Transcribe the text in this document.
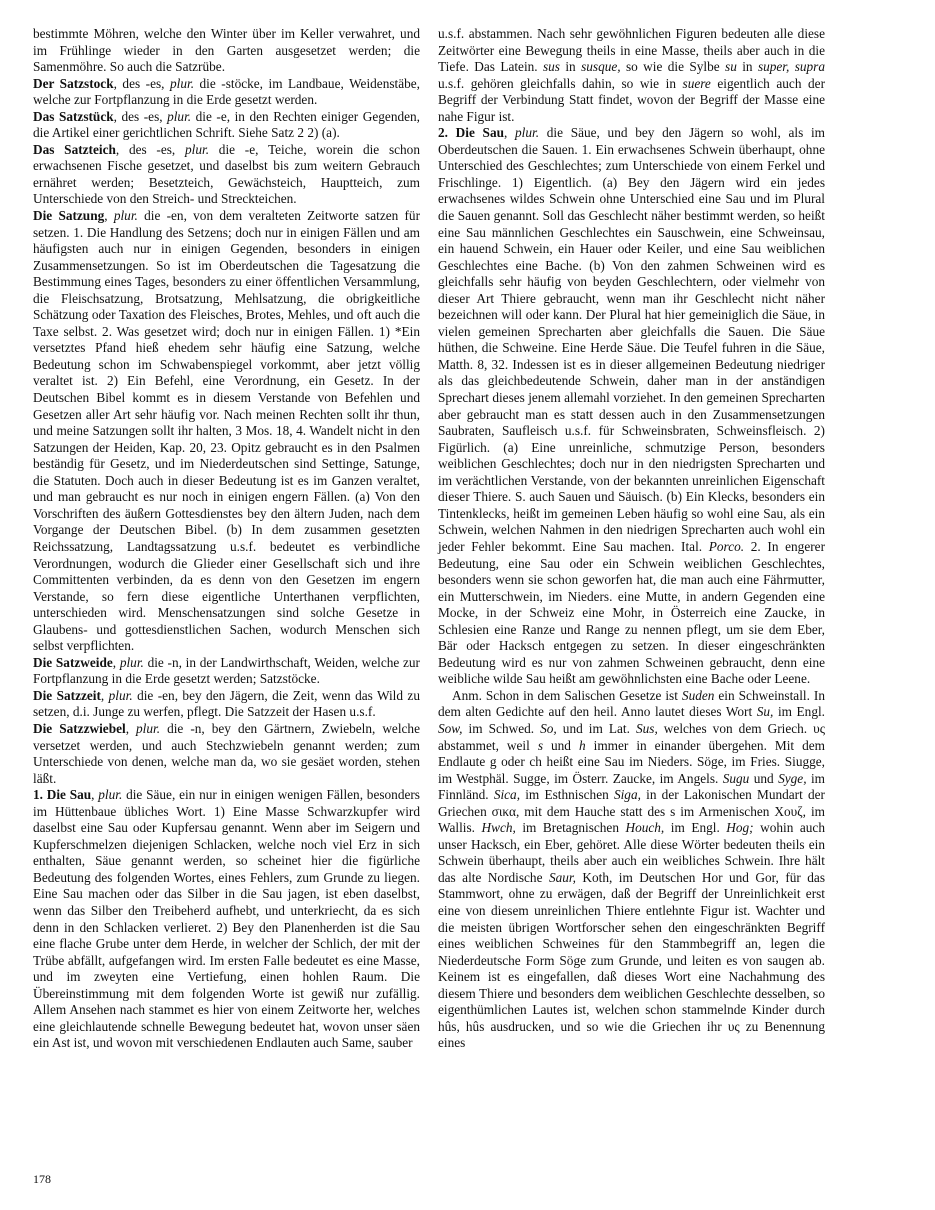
bestimmte Möhren, welche den Winter über im Keller verwahret, und im Frühlinge wieder in den Garten ausgesetzet werden; die Samenmöhre. So auch die Satzrübe.

Der Satzstock, des -es, plur. die -stöcke, im Landbaue, Weidenstäbe, welche zur Fortpflanzung in die Erde gesetzt werden.

Das Satzstück, des -es, plur. die -e, in den Rechten einiger Gegenden, die Artikel einer gerichtlichen Schrift. Siehe Satz 2 2) (a).

Das Satzteich, des -es, plur. die -e, Teiche, worein die schon erwachsenen Fische gesetzet, und daselbst bis zum weitern Gebrauch ernähret werden; Besetzteich, Gewächsteich, Hauptteich, zum Unterschiede von den Streich- und Streckteichen.

Die Satzung, plur. die -en, von dem veralteten Zeitworte satzen für setzen. 1. Die Handlung des Setzens; doch nur in einigen Fällen und am häufigsten auch nur in einigen Gegenden, besonders in einigen Zusammensetzungen. So ist im Oberdeutschen die Tagesatzung die Bestimmung eines Tages, besonders zu einer öffentlichen Versammlung, die Fleischsatzung, Brotsatzung, Mehlsatzung, die obrigkeitliche Schätzung oder Taxation des Fleisches, Brotes, Mehles, und oft auch die Taxe selbst. 2. Was gesetzet wird; doch nur in einigen Fällen. 1) *Ein versetztes Pfand hieß ehedem sehr häufig eine Satzung, welche Bedeutung schon im Schwabenspiegel vorkommt, aber jetzt völlig veraltet ist. 2) Ein Befehl, eine Verordnung, ein Gesetz. In der Deutschen Bibel kommt es in diesem Verstande von Befehlen und Gesetzen aller Art sehr häufig vor. Nach meinen Rechten sollt ihr thun, und meine Satzungen sollt ihr halten, 3 Mos. 18, 4. Wandelt nicht in den Satzungen der Heiden, Kap. 20, 23. Opitz gebraucht es in den Psalmen beständig für Gesetz, und im Niederdeutschen sind Settinge, Satunge, die Statuten. Doch auch in dieser Bedeutung ist es im Ganzen veraltet, und man gebraucht es nur noch in einigen engern Fällen. (a) Von den Vorschriften des äußern Gottesdienstes bey den ältern Juden, nach dem Vorgange der Deutschen Bibel. (b) In dem zusammen gesetzten Reichssatzung, Landtagssatzung u.s.f. bedeutet es verbindliche Verordnungen, wodurch die Glieder einer Gesellschaft sich und ihre Committenten verbinden, da es denn von den Gesetzen im engern Verstande, so fern diese eigentliche Unterthanen verpflichten, unterschieden wird. Menschensatzungen sind solche Gesetze in Glaubens- und gottesdienstlichen Sachen, wodurch Menschen sich selbst verpflichten.

Die Satzweide, plur. die -n, in der Landwirthschaft, Weiden, welche zur Fortpflanzung in die Erde gesetzt werden; Satzstöcke.

Die Satzzeit, plur. die -en, bey den Jägern, die Zeit, wenn das Wild zu setzen, d.i. Junge zu werfen, pflegt. Die Satzzeit der Hasen u.s.f.

Die Satzzwiebel, plur. die -n, bey den Gärtnern, Zwiebeln, welche versetzet werden, und auch Stechzwiebeln genannt werden; zum Unterschiede von denen, welche man da, wo sie gesäet worden, stehen läßt.

1. Die Sau, plur. die Säue, ein nur in einigen wenigen Fällen, besonders im Hüttenbaue übliches Wort. 1) Eine Masse Schwarzkupfer wird daselbst eine Sau oder Kupfersau genannt. Wenn aber im Seigern und Kupferschmelzen diejenigen Schlacken, welche noch viel Erz in sich enthalten, Säue genannt werden, so scheinet hier die figürliche Bedeutung des folgenden Wortes, eines Fehlers, zum Grunde zu liegen. Eine Sau machen oder das Silber in die Sau jagen, ist eben daselbst, wenn das Silber den Treibeherd aufhebt, und unterkriecht, da es sich denn in den Schlacken verlieret. 2) Bey den Planenherden ist die Sau eine flache Grube unter dem Herde, in welcher der Schlich, der mit der Trübe abfällt, aufgefangen wird. Im ersten Falle bedeutet es eine Masse, und im zweyten eine Vertiefung, einen hohlen Raum. Die Übereinstimmung mit dem folgenden Worte ist gewiß nur zufällig. Allem Ansehen nach stammet es hier von einem Zeitworte her, welches eine gleichlautende schnelle Bewegung bedeutet hat, wovon unser säen ein Ast ist, und wovon mit verschiedenen Endlauten auch Same, sauber

u.s.f. abstammen. Nach sehr gewöhnlichen Figuren bedeuten alle diese Zeitwörter eine Bewegung theils in eine Masse, theils aber auch in die Tiefe. Das Latein. sus in susque, so wie die Sylbe su in super, supra u.s.f. gehören gleichfalls dahin, so wie in suere eigentlich auch der Begriff der Verbindung Statt findet, wovon der Begriff der Masse eine nahe Figur ist.

2. Die Sau, plur. die Säue, und bey den Jägern so wohl, als im Oberdeutschen die Sauen. 1. Ein erwachsenes Schwein überhaupt, ohne Unterschied des Geschlechtes; zum Unterschiede von einem Ferkel und Frischlinge. 1) Eigentlich. (a) Bey den Jägern wird ein jedes erwachsenes wildes Schwein ohne Unterschied eine Sau und im Plural die Sauen genannt. Soll das Geschlecht näher bestimmt werden, so heißt eine Sau männlichen Geschlechtes ein Sauschwein, eine Schweinsau, ein hauend Schwein, ein Hauer oder Keiler, und eine Sau weiblichen Geschlechtes eine Bache. (b) Von den zahmen Schweinen wird es gleichfalls sehr häufig von beyden Geschlechtern, oder vielmehr von dieser Art Thiere gebraucht, wenn man ihr Geschlecht nicht näher bezeichnen will oder kann. Der Plural hat hier gemeiniglich die Säue, in vielen gemeinen Sprecharten aber gleichfalls die Sauen. Die Säue hüthen, die Schweine. Eine Herde Säue. Die Teufel fuhren in die Säue, Matth. 8, 32. Indessen ist es in dieser allgemeinen Bedeutung niedriger als das gleichbedeutende Schwein, daher man in der anständigen Sprechart dieses jenem allemahl vorziehet. In den gemeinen Sprecharten aber gebraucht man es statt dessen auch in den Zusammensetzungen Saubraten, Saufleisch u.s.f. für Schweinsbraten, Schweinsfleisch. 2) Figürlich. (a) Eine unreinliche, schmutzige Person, besonders weiblichen Geschlechtes; doch nur in den niedrigsten Sprecharten und im verächtlichen Verstande, von der bekannten unreinlichen Eigenschaft dieser Thiere. S. auch Sauen und Säuisch. (b) Ein Klecks, besonders ein Tintenklecks, heißt im gemeinen Leben häufig so wohl eine Sau, als ein Schwein, welchen Nahmen in den niedrigen Sprecharten auch wohl ein jeder Fehler bekommt. Eine Sau machen. Ital. Porco. 2. In engerer Bedeutung, eine Sau oder ein Schwein weiblichen Geschlechtes, besonders wenn sie schon geworfen hat, die man auch eine Fährmutter, ein Mutterschwein, im Nieders. eine Mutte, in andern Gegenden eine Mocke, in der Schweiz eine Mohr, in Österreich eine Zaucke, in Schlesien eine Ranze und Range zu nennen pflegt, um sie dem Eber, Bär oder Hacksch entgegen zu setzen. In dieser eingeschränkten Bedeutung wird es nur von zahmen Schweinen gebraucht, denn eine weibliche wilde Sau heißt am gewöhnlichsten eine Bache oder Leene.

Anm. Schon in dem Salischen Gesetze ist Suden ein Schweinstall. In dem alten Gedichte auf den heil. Anno lautet dieses Wort Su, im Engl. Sow, im Schwed. So, und im Lat. Sus, welches von dem Griech. υς abstammet, weil s und h immer in einander übergehen. Mit dem Endlaute g oder ch heißt eine Sau im Nieders. Söge, im Fries. Siugge, im Westphäl. Sugge, im Österr. Zaucke, im Angels. Sugu und Syge, im Finnländ. Sica, im Esthnischen Siga, in der Lakonischen Mundart der Griechen σικα, mit dem Hauche statt des s im Armenischen Χουζ, im Wallis. Hwch, im Bretagnischen Houch, im Engl. Hog; wohin auch unser Hacksch, ein Eber, gehöret. Alle diese Wörter bedeuten theils ein Schwein überhaupt, theils aber auch ein weibliches Schwein. Ihre hält das alte Nordische Saur, Koth, im Deutschen Hor und Gor, für das Stammwort, ohne zu erwägen, daß der Begriff der Unreinlichkeit erst eine von diesem unreinlichen Thiere entlehnte Figur ist. Wachter und die meisten übrigen Wortforscher sehen den eingeschränkten Begriff eines weiblichen Schweines für den Stammbegriff an, legen die Niederdeutsche Form Söge zum Grunde, und leiten es von saugen ab. Keinem ist es eingefallen, daß dieses Wort eine Nachahmung des diesem Thiere und besonders dem weiblichen Geschlechte desselben, so eigenthümlichen Lautes ist, welchen schon stammelnde Kinder durch hûs, hûs ausdrucken, und so wie die Griechen ihr υς zu Benennung eines

178
